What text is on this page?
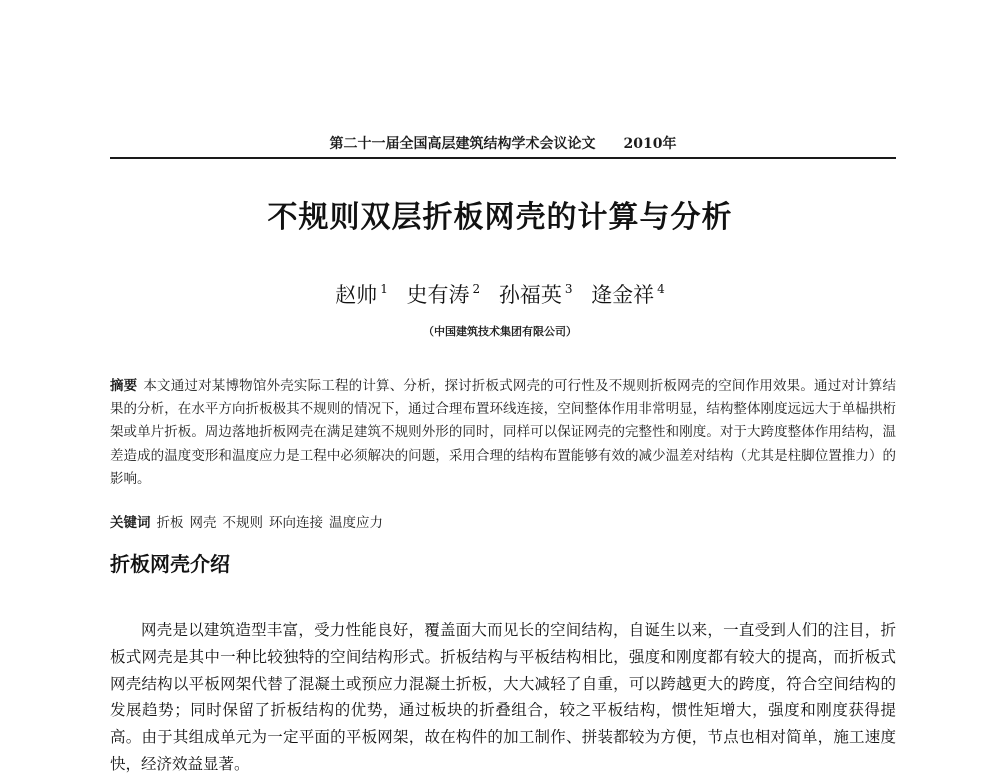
第二十一届全国高层建筑结构学术会议论文 2010年
不规则双层折板网壳的计算与分析
赵帅 $^1$ 史有涛 $^2$ 孙福英 $^3$ 逄金祥 $^4$
（中国建筑技术集团有限公司）
摘要 本文通过对某博物馆外壳实际工程的计算、分析，探讨折板式网壳的可行性及不规则折板网壳的空间作用效果。通过对计算结果的分析，在水平方向折板极其不规则的情况下，通过合理布置环线连接，空间整体作用非常明显，结构整体刚度远远大于单榀拱桁架或单片折板。周边落地折板网壳在满足建筑不规则外形的同时，同样可以保证网壳的完整性和刚度。对于大跨度整体作用结构，温差造成的温度变形和温度应力是工程中必须解决的问题，采用合理的结构布置能够有效的减少温差对结构（尤其是柱脚位置推力）的影响。
关键词 折板 网壳 不规则 环向连接 温度应力
折板网壳介绍
网壳是以建筑造型丰富，受力性能良好，覆盖面大而见长的空间结构，自诞生以来，一直受到人们的注目，折板式网壳是其中一种比较独特的空间结构形式。折板结构与平板结构相比，强度和刚度都有较大的提高，而折板式网壳结构以平板网架代替了混凝土或预应力混凝土折板，大大减轻了自重，可以跨越更大的跨度，符合空间结构的发展趋势；同时保留了折板结构的优势，通过板块的折叠组合，较之平板结构，惯性矩增大，强度和刚度获得提高。由于其组成单元为一定平面的平板网架，故在构件的加工制作、拼装都较为方便，节点也相对简单，施工速度快，经济效益显著。
